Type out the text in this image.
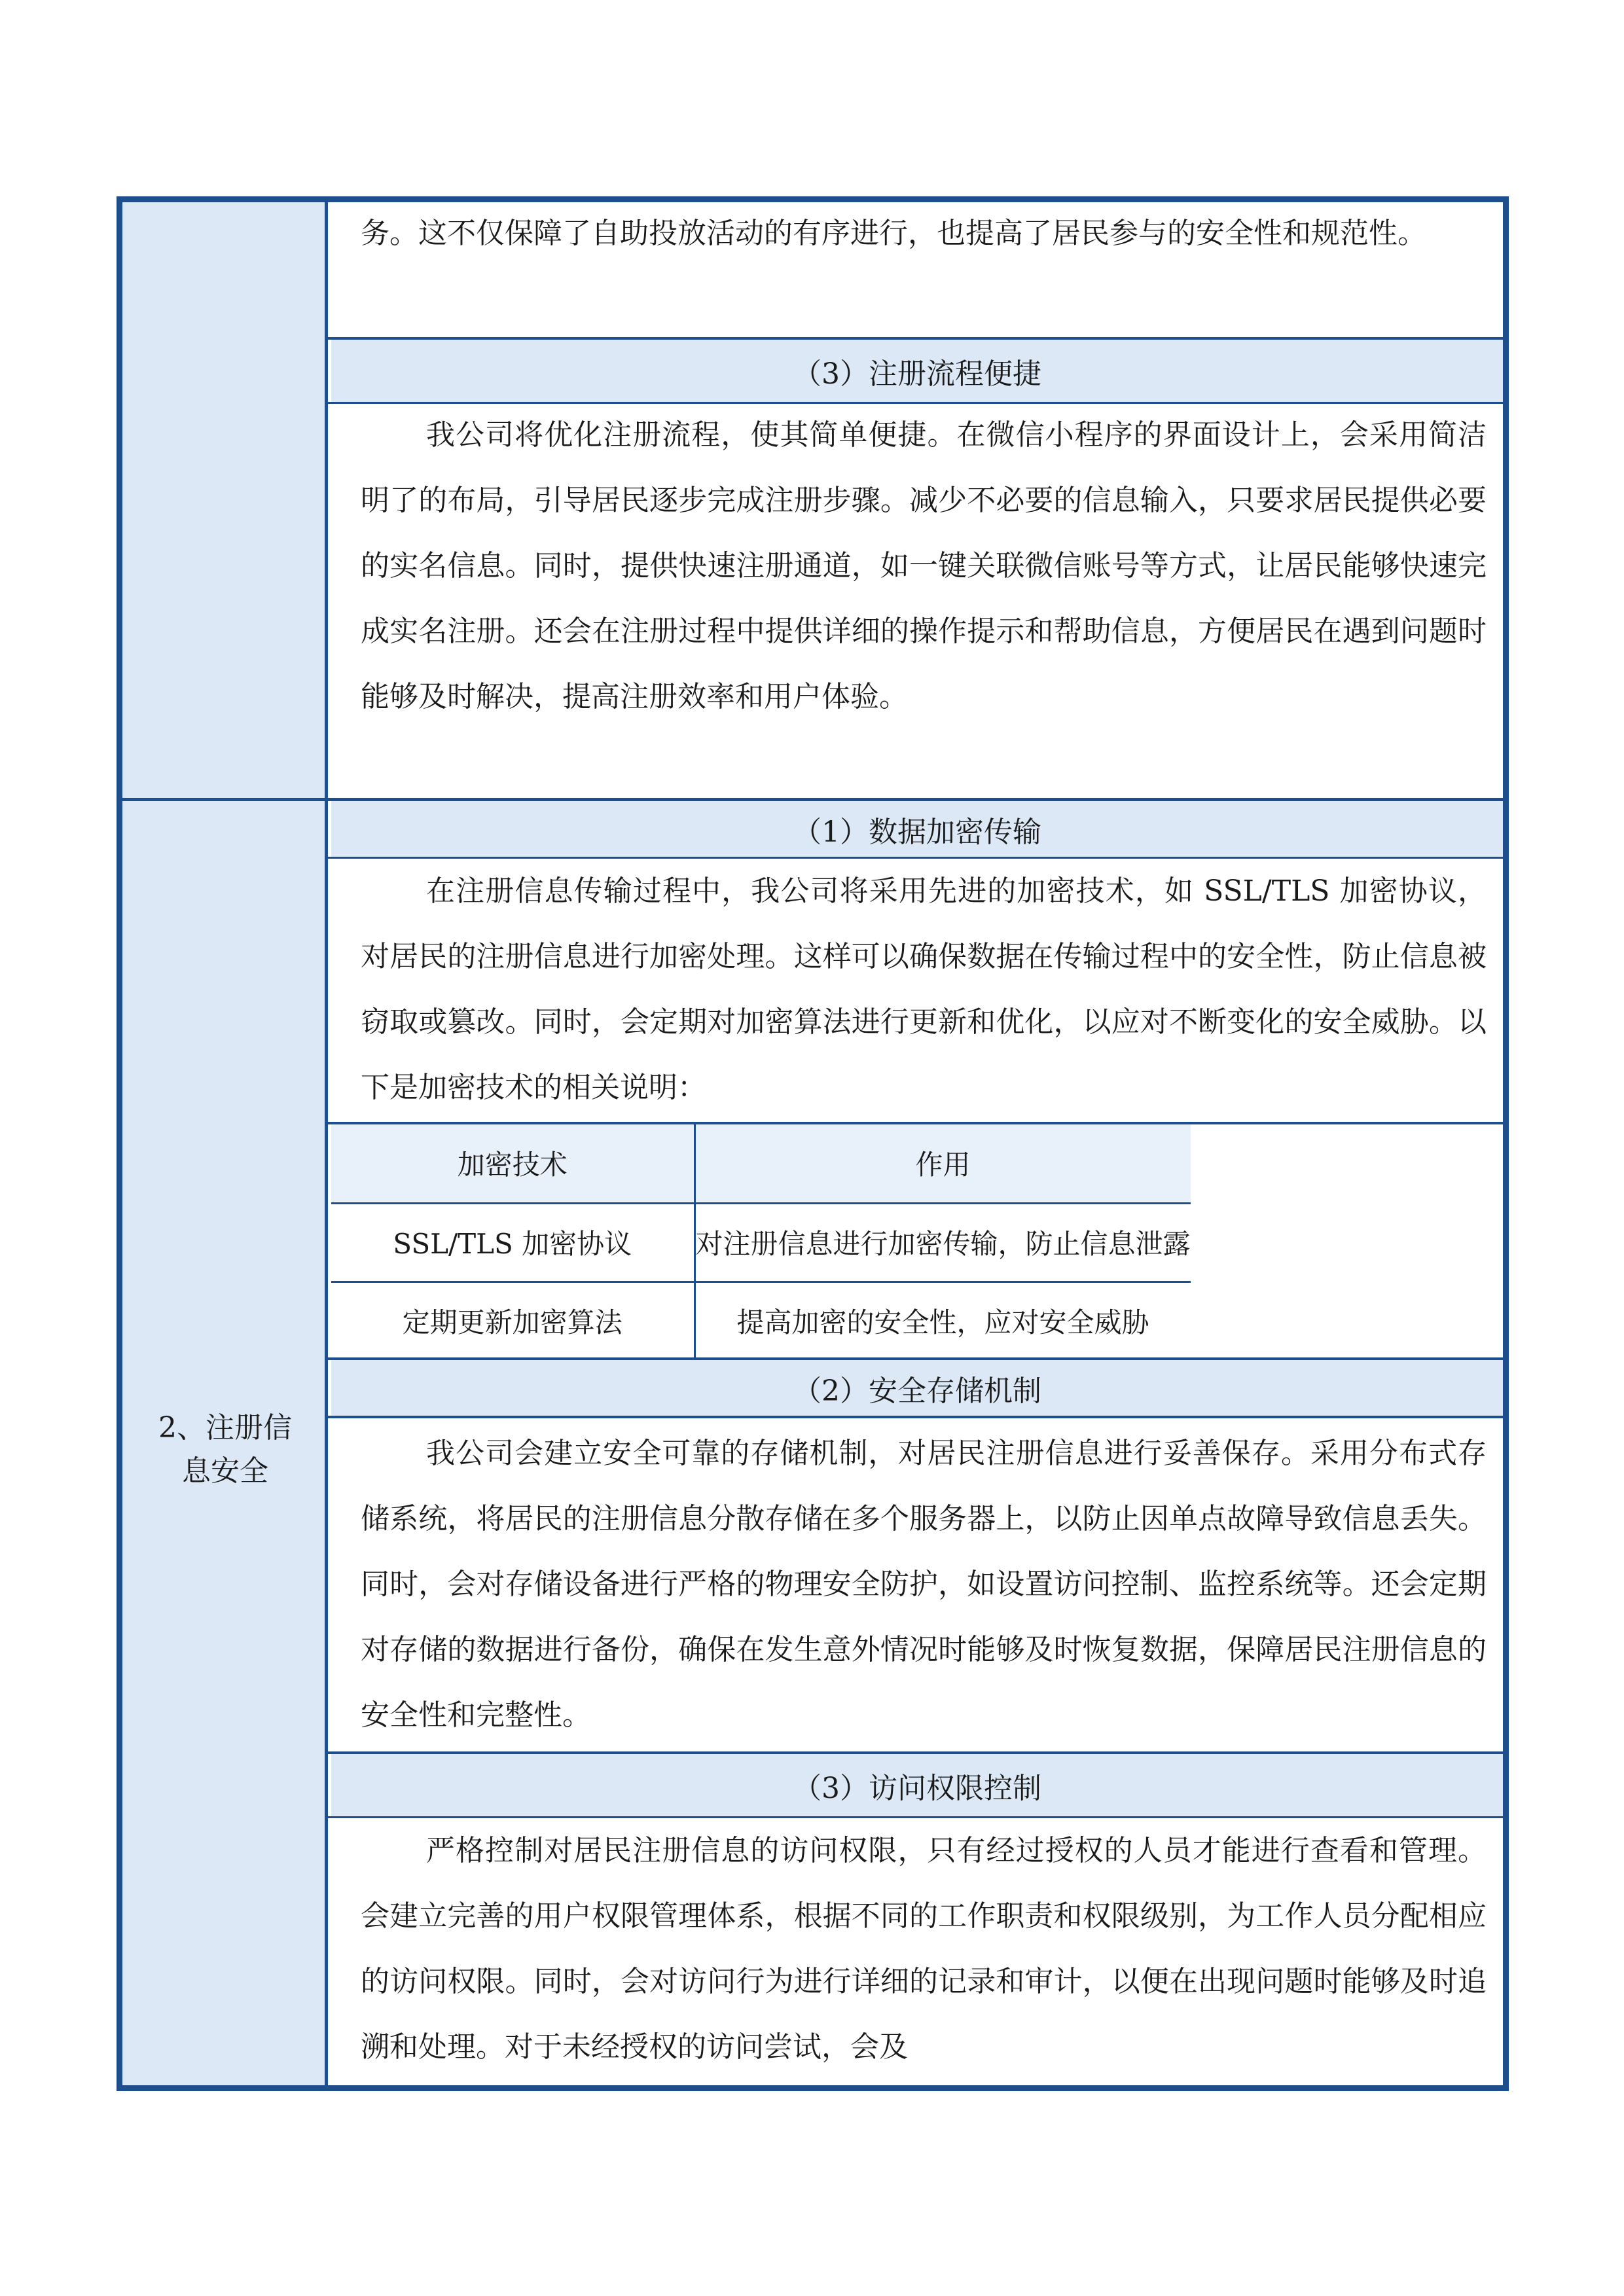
务。这不仅保障了自助投放活动的有序进行，也提高了居民参与的安全性和规范性。

（3）注册流程便捷

我公司将优化注册流程，使其简单便捷。在微信小程序的界面设计上，会采用简洁明了的布局，引导居民逐步完成注册步骤。减少不必要的信息输入，只要求居民提供必要的实名信息。同时，提供快速注册通道，如一键关联微信账号等方式，让居民能够快速完成实名注册。还会在注册过程中提供详细的操作提示和帮助信息，方便居民在遇到问题时能够及时解决，提高注册效率和用户体验。

2、注册信
息安全
（1）数据加密传输

在注册信息传输过程中，我公司将采用先进的加密技术，如 SSL/TLS 加密协议，对居民的注册信息进行加密处理。这样可以确保数据在传输过程中的安全性，防止信息被窃取或篡改。同时，会定期对加密算法进行更新和优化，以应对不断变化的安全威胁。以下是加密技术的相关说明：

加密技术	作用
SSL/TLS 加密协议	对注册信息进行加密传输，防止信息泄露
定期更新加密算法	提高加密的安全性，应对安全威胁
（2）安全存储机制

我公司会建立安全可靠的存储机制，对居民注册信息进行妥善保存。采用分布式存储系统，将居民的注册信息分散存储在多个服务器上，以防止因单点故障导致信息丢失。同时，会对存储设备进行严格的物理安全防护，如设置访问控制、监控系统等。还会定期对存储的数据进行备份，确保在发生意外情况时能够及时恢复数据，保障居民注册信息的安全性和完整性。

（3）访问权限控制

严格控制对居民注册信息的访问权限，只有经过授权的人员才能进行查看和管理。会建立完善的用户权限管理体系，根据不同的工作职责和权限级别，为工作人员分配相应的访问权限。同时，会对访问行为进行详细的记录和审计，以便在出现问题时能够及时追溯和处理。对于未经授权的访问尝试，会及
